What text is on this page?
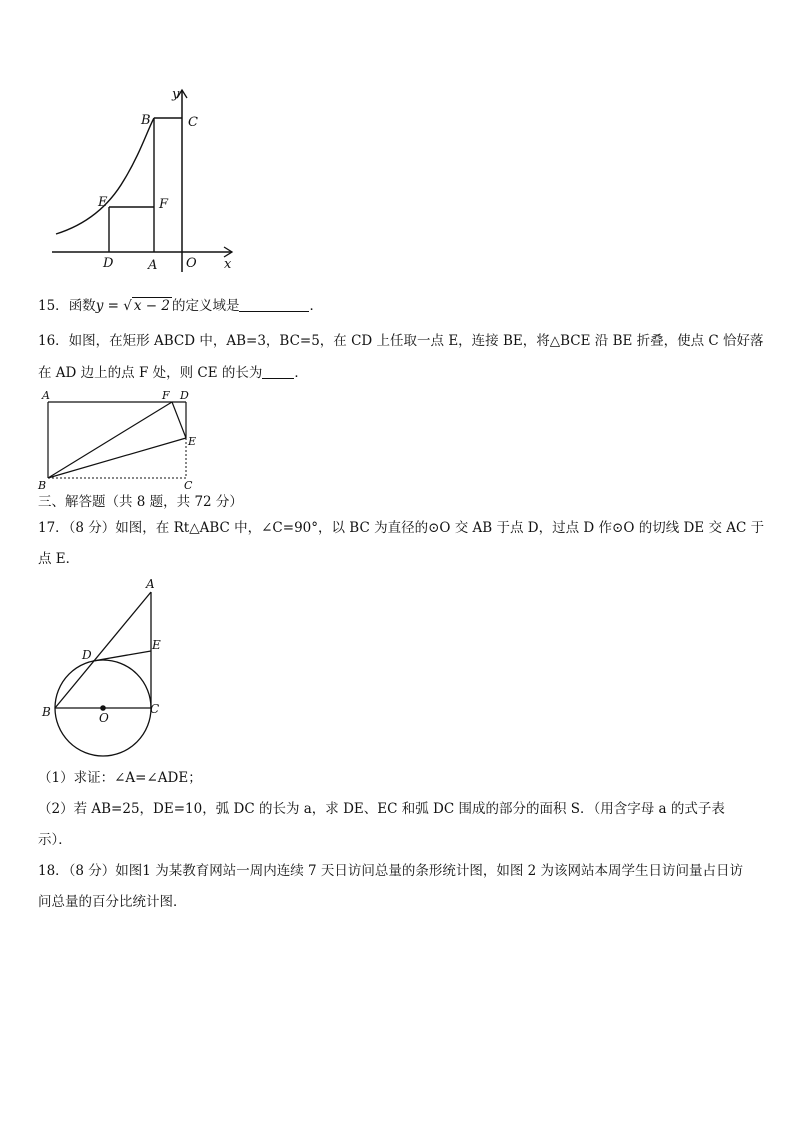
y
x
B	C
E	F
D	A O
15．函数y = √ x − 2 的定义域是	．
16．如图，在矩形 ABCD 中，AB=3，BC=5，在 CD 上任取一点 E，连接 BE，将△BCE 沿 BE 折叠，使点 C 恰好落
在 AD 边上的点 F 处，则 CE 的长为 ．
A	F D
E
B	C
三、解答题（共 8 题，共 72 分）
17．（8 分）如图，在 Rt△ABC 中，∠C=90°，以 BC 为直径的⊙O 交 AB 于点 D，过点 D 作⊙O 的切线 DE 交 AC 于
点 E．
A
D
E
B	O
C
（1）求证：∠A=∠ADE；
（2）若 AB=25，DE=10，弧 DC 的长为 a，求 DE、EC 和弧 DC 围成的部分的面积 S．（用含字母 a 的式子表
示）．
18．（8 分）如图1 为某教育网站一周内连续 7 天日访问总量的条形统计图，如图 2 为该网站本周学生日访问量占日访
问总量的百分比统计图．
